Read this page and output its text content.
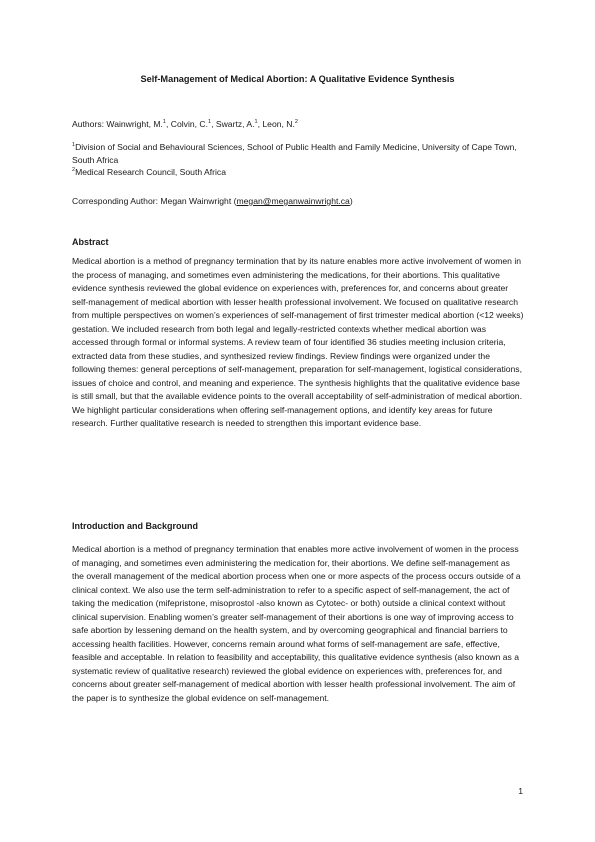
Self-Management of Medical Abortion: A Qualitative Evidence Synthesis
Authors: Wainwright, M.$^1$, Colvin, C.$^1$, Swartz, A.$^1$, Leon, N.$^2$

$^1$Division of Social and Behavioural Sciences, School of Public Health and Family Medicine, University of Cape Town, South Africa

$^2$Medical Research Council, South Africa

Corresponding Author: Megan Wainwright (megan@meganwainwright.ca)
Abstract

Medical abortion is a method of pregnancy termination that by its nature enables more active involvement of women in the process of managing, and sometimes even administering the medications, for their abortions. This qualitative evidence synthesis reviewed the global evidence on experiences with, preferences for, and concerns about greater self-management of medical abortion with lesser health professional involvement. We focused on qualitative research from multiple perspectives on women’s experiences of self-management of first trimester medical abortion (<12 weeks) gestation. We included research from both legal and legally-restricted contexts whether medical abortion was accessed through formal or informal systems. A review team of four identified 36 studies meeting inclusion criteria, extracted data from these studies, and synthesized review findings. Review findings were organized under the following themes: general perceptions of self-management, preparation for self-management, logistical considerations, issues of choice and control, and meaning and experience. The synthesis highlights that the qualitative evidence base is still small, but that the available evidence points to the overall acceptability of self-administration of medical abortion. We highlight particular considerations when offering self-management options, and identify key areas for future research. Further qualitative research is needed to strengthen this important evidence base.

Introduction and Background

Medical abortion is a method of pregnancy termination that enables more active involvement of women in the process of managing, and sometimes even administering the medication for, their abortions. We define self-management as the overall management of the medical abortion process when one or more aspects of the process occurs outside of a clinical context. We also use the term self-administration to refer to a specific aspect of self-management, the act of taking the medication (mifepristone, misoprostol -also known as Cytotec- or both) outside a clinical context without clinical supervision. Enabling women’s greater self-management of their abortions is one way of improving access to safe abortion by lessening demand on the health system, and by overcoming geographical and financial barriers to accessing health facilities. However, concerns remain around what forms of self-management are safe, effective, feasible and acceptable. In relation to feasibility and acceptability, this qualitative evidence synthesis (also known as a systematic review of qualitative research) reviewed the global evidence on experiences with, preferences for, and concerns about greater self-management of medical abortion with lesser health professional involvement. The aim of the paper is to synthesize the global evidence on self-management.

1
